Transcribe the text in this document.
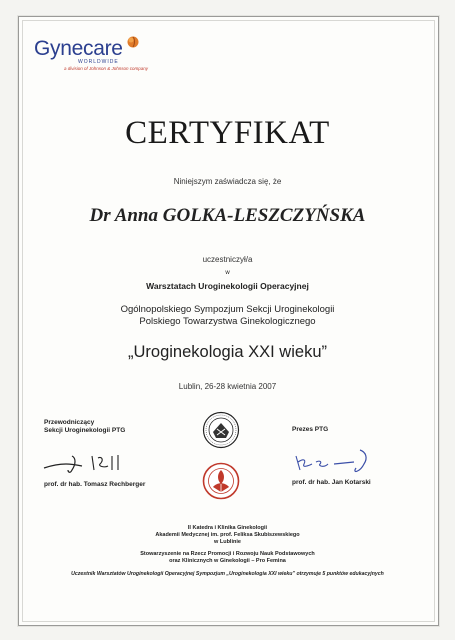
Gynecare
WORLDWIDE
a division of Johnson & Johnson company
CERTYFIKAT
Niniejszym zaświadcza się, że
Dr Anna GOLKA-LESZCZYŃSKA
uczestniczył/a
w
Warsztatach Uroginekologii Operacyjnej
Ogólnopolskiego Sympozjum Sekcji Uroginekologii
Polskiego Towarzystwa Ginekologicznego
„Uroginekologia XXI wieku”
Lublin, 26-28 kwietnia 2007
Przewodniczący
Sekcji Uroginekologii PTG
prof. dr hab. Tomasz Rechberger
Prezes PTG
prof. dr hab. Jan Kotarski
II Katedra i Klinika Ginekologii
Akademii Medycznej im. prof. Feliksa Skubiszewskiego
w Lublinie
Stowarzyszenie na Rzecz Promocji i Rozwoju Nauk Podstawowych
oraz Klinicznych w Ginekologii – Pro Femina
Uczestnik Warsztatów Uroginekologii Operacyjnej Sympozjum „Uroginekologia XXI wieku” otrzymuje 5 punktów edukacyjnych
